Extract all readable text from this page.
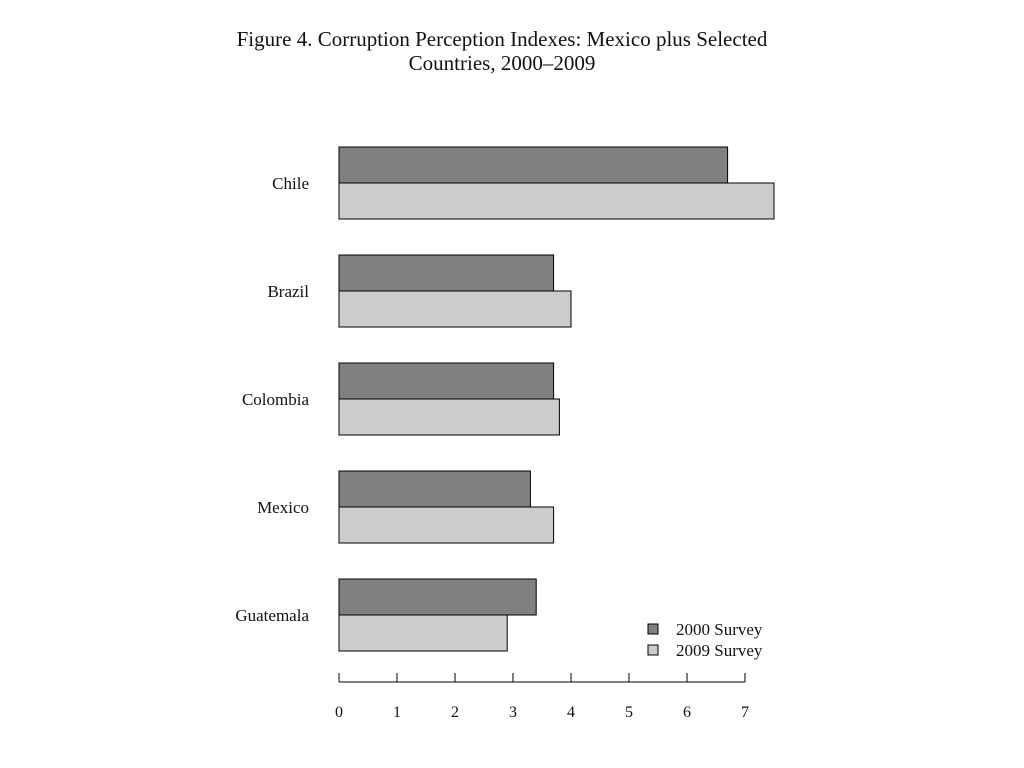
Figure 4. Corruption Perception Indexes: Mexico plus Selected
Countries, 2000–2009
Chile
Brazil
Colombia
Mexico
Guatemala
0	1	2	3	4	5	6	7
2000 Survey
2009 Survey
